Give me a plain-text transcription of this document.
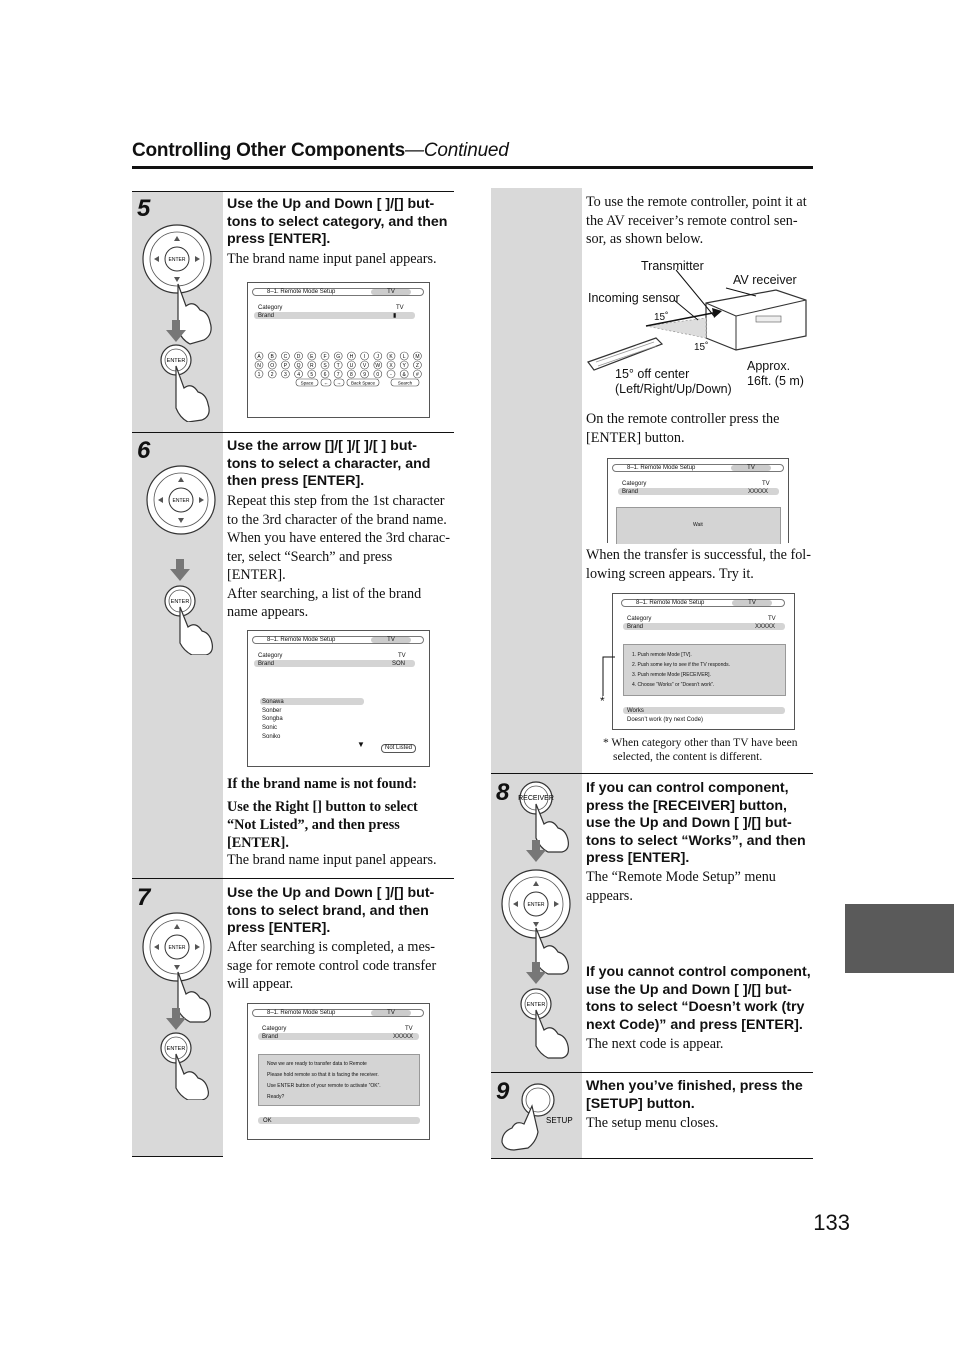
Controlling Other Components—Continued
5
ENTER
ENTER
Use the Up and Down [ ]/[] but-
tons to select category, and then
press [ENTER].
The brand name input panel appears.
8–1. Remote Mode Setup	TV
Category	TV
Brand	▮
A B C D E F G H I J K L M
N O P Q R S T U V W X Y Z
1 2 3 4 5 6 7 8 9 0 - & #
Space ← → Back Space	Search
6
ENTER
ENTER
Use the arrow []/[ ]/[ ]/[ ] but-
tons to select a character, and
then press [ENTER].
Repeat this step from the 1st character
to the 3rd character of the brand name.
When you have entered the 3rd charac-
ter, select “Search” and press
[ENTER].
After searching, a list of the brand
name appears.
8–1. Remote Mode Setup	TV
Category	TV
Brand	SON
Sonawa
Sonber
Songba
Sonic
Soniko
▼	Not Listed
If the brand name is not found:
Use the Right [] button to select
“Not Listed”, and then press
[ENTER].
The brand name input panel appears.
7
ENTER
ENTER
Use the Up and Down [ ]/[] but-
tons to select brand, and then
press [ENTER].
After searching is completed, a mes-
sage for remote control code transfer
will appear.
8–1. Remote Mode Setup	TV
Category	TV
Brand	XXXXX
Now we are ready to transfer data to Remote
Please hold remote so that it is facing the receiver.
Use ENTER button of your remote to activate “OK”.
Ready?
OK
To use the remote controller, point it at
the AV receiver’s remote control sen-
sor, as shown below.
Transmitter
AV receiver
Incoming sensor
15˚
15˚
15° off center
(Left/Right/Up/Down)
Approx.
16ft. (5 m)
On the remote controller press the
[ENTER] button.
8–1. Remote Mode Setup	TV
Category	TV
Brand	XXXXX
Wait
When the transfer is successful, the fol-
lowing screen appears. Try it.
8–1. Remote Mode Setup	TV
Category	TV
Brand	XXXXX
1. Push remote Mode [TV].
2. Push some key to see if the TV responds.
3. Push remote Mode [RECEIVER].
4. Choose “Works” or “Doesn’t work”.
Works
Doesn’t work (try next Code)
*
* When category other than TV have been
selected, the content is different.
8 RECEIVER
ENTER
ENTER
If you can control component,
press the [RECEIVER] button,
use the Up and Down [ ]/[] but-
tons to select “Works”, and then
press [ENTER].
The “Remote Mode Setup” menu
appears.
If you cannot control component,
use the Up and Down [ ]/[] but-
tons to select “Doesn’t work (try
next Code)” and press [ENTER].
The next code is appear.
9
SETUP
When you’ve finished, press the
[SETUP] button.
The setup menu closes.
133
